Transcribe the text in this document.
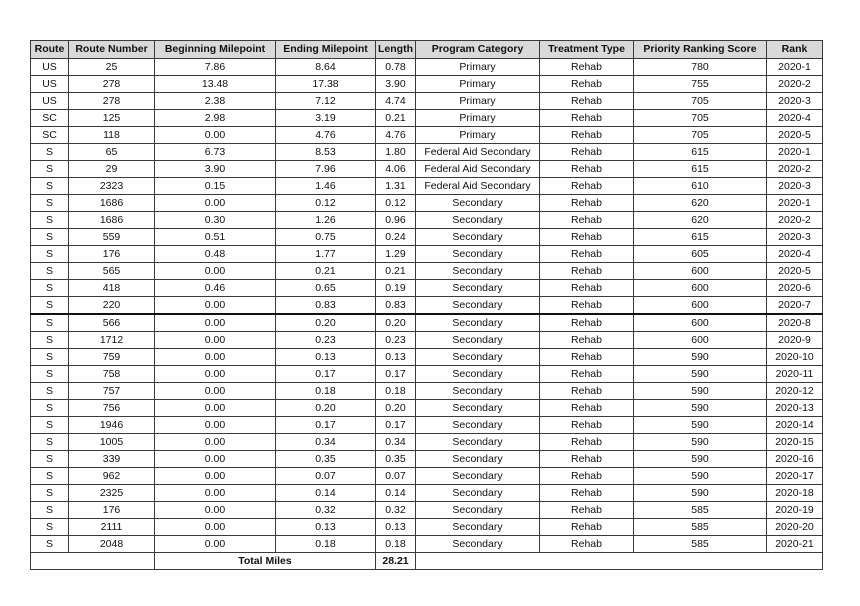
Route	Route Number	Beginning Milepoint	Ending Milepoint	Length	Program Category	Treatment Type	Priority Ranking Score	Rank
US	25	7.86	8.64	0.78	Primary	Rehab	780	2020-1
US	278	13.48	17.38	3.90	Primary	Rehab	755	2020-2
US	278	2.38	7.12	4.74	Primary	Rehab	705	2020-3
SC	125	2.98	3.19	0.21	Primary	Rehab	705	2020-4
SC	118	0.00	4.76	4.76	Primary	Rehab	705	2020-5
S	65	6.73	8.53	1.80	Federal Aid Secondary	Rehab	615	2020-1
S	29	3.90	7.96	4.06	Federal Aid Secondary	Rehab	615	2020-2
S	2323	0.15	1.46	1.31	Federal Aid Secondary	Rehab	610	2020-3
S	1686	0.00	0.12	0.12	Secondary	Rehab	620	2020-1
S	1686	0.30	1.26	0.96	Secondary	Rehab	620	2020-2
S	559	0.51	0.75	0.24	Secondary	Rehab	615	2020-3
S	176	0.48	1.77	1.29	Secondary	Rehab	605	2020-4
S	565	0.00	0.21	0.21	Secondary	Rehab	600	2020-5
S	418	0.46	0.65	0.19	Secondary	Rehab	600	2020-6
S	220	0.00	0.83	0.83	Secondary	Rehab	600	2020-7
S	566	0.00	0.20	0.20	Secondary	Rehab	600	2020-8
S	1712	0.00	0.23	0.23	Secondary	Rehab	600	2020-9
S	759	0.00	0.13	0.13	Secondary	Rehab	590	2020-10
S	758	0.00	0.17	0.17	Secondary	Rehab	590	2020-11
S	757	0.00	0.18	0.18	Secondary	Rehab	590	2020-12
S	756	0.00	0.20	0.20	Secondary	Rehab	590	2020-13
S	1946	0.00	0.17	0.17	Secondary	Rehab	590	2020-14
S	1005	0.00	0.34	0.34	Secondary	Rehab	590	2020-15
S	339	0.00	0.35	0.35	Secondary	Rehab	590	2020-16
S	962	0.00	0.07	0.07	Secondary	Rehab	590	2020-17
S	2325	0.00	0.14	0.14	Secondary	Rehab	590	2020-18
S	176	0.00	0.32	0.32	Secondary	Rehab	585	2020-19
S	2111	0.00	0.13	0.13	Secondary	Rehab	585	2020-20
S	2048	0.00	0.18	0.18	Secondary	Rehab	585	2020-21
		Total Miles		28.21				
